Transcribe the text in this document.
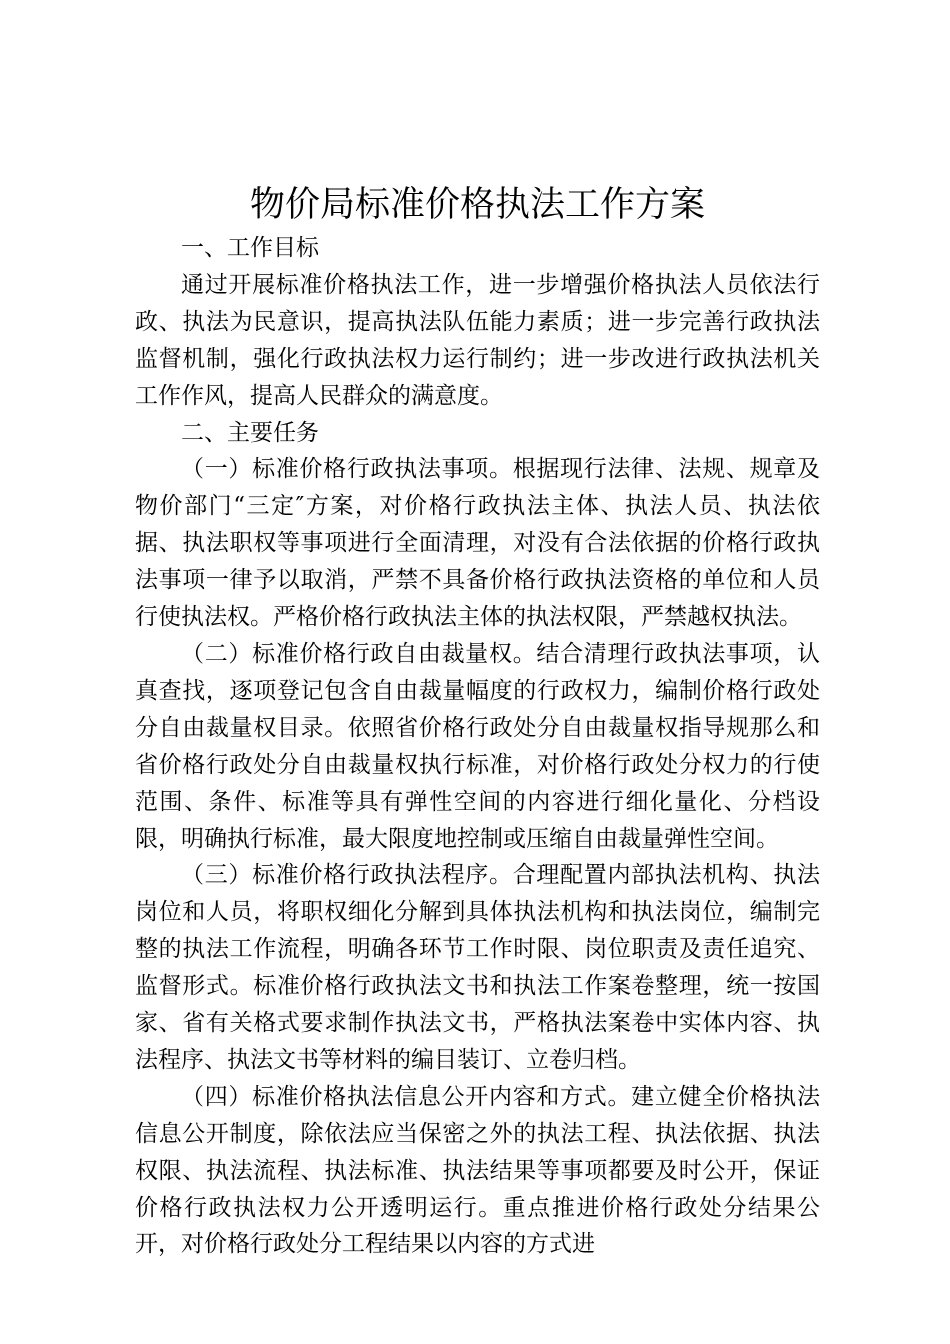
物价局标准价格执法工作方案

一、工作目标

通过开展标准价格执法工作，进一步增强价格执法人员依法行政、执法为民意识，提高执法队伍能力素质；进一步完善行政执法监督机制，强化行政执法权力运行制约；进一步改进行政执法机关工作作风，提高人民群众的满意度。

二、主要任务

（一）标准价格行政执法事项。根据现行法律、法规、规章及物价部门“三定″方案，对价格行政执法主体、执法人员、执法依据、执法职权等事项进行全面清理，对没有合法依据的价格行政执法事项一律予以取消，严禁不具备价格行政执法资格的单位和人员行使执法权。严格价格行政执法主体的执法权限，严禁越权执法。

（二）标准价格行政自由裁量权。结合清理行政执法事项，认真查找，逐项登记包含自由裁量幅度的行政权力，编制价格行政处分自由裁量权目录。依照省价格行政处分自由裁量权指导规那么和省价格行政处分自由裁量权执行标准，对价格行政处分权力的行使范围、条件、标准等具有弹性空间的内容进行细化量化、分档设限，明确执行标准，最大限度地控制或压缩自由裁量弹性空间。

（三）标准价格行政执法程序。合理配置内部执法机构、执法岗位和人员，将职权细化分解到具体执法机构和执法岗位，编制完整的执法工作流程，明确各环节工作时限、岗位职责及责任追究、监督形式。标准价格行政执法文书和执法工作案卷整理，统一按国家、省有关格式要求制作执法文书，严格执法案卷中实体内容、执法程序、执法文书等材料的编目装订、立卷归档。

（四）标准价格执法信息公开内容和方式。建立健全价格执法信息公开制度，除依法应当保密之外的执法工程、执法依据、执法权限、执法流程、执法标准、执法结果等事项都要及时公开，保证价格行政执法权力公开透明运行。重点推进价格行政处分结果公开，对价格行政处分工程结果以内容的方式进
